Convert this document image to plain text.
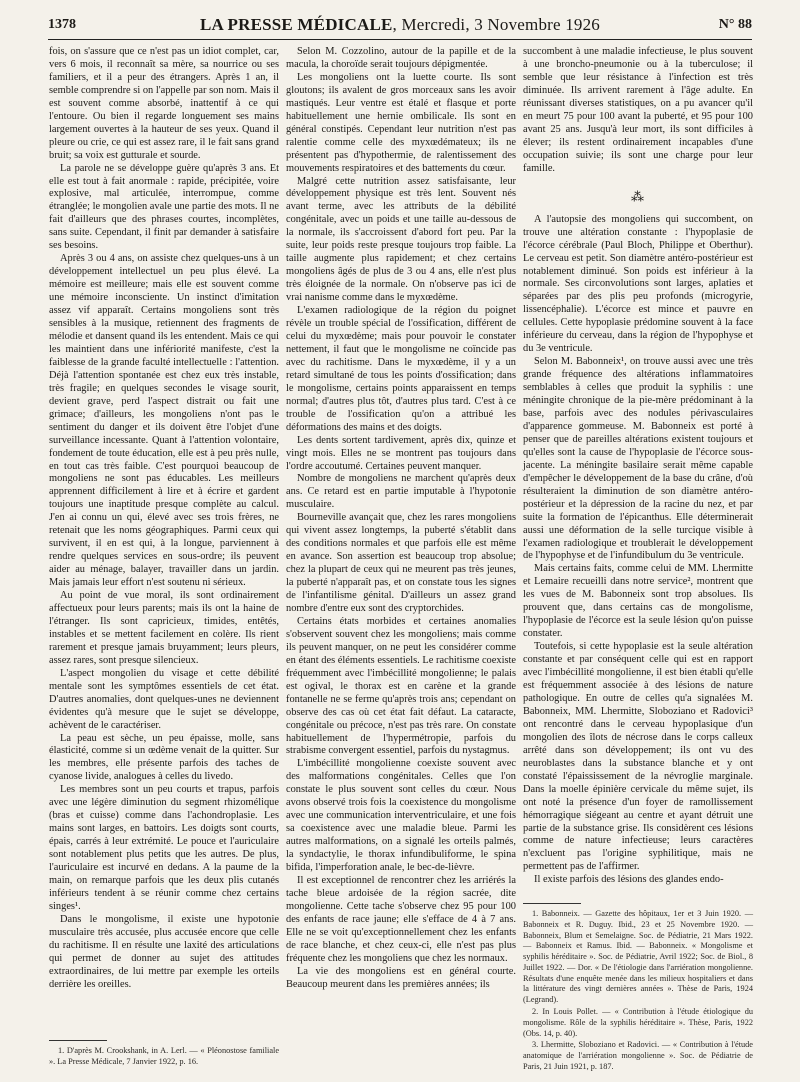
1378	LA PRESSE MÉDICALE, Mercredi, 3 Novembre 1926	N° 88

fois, on s'assure que ce n'est pas un idiot complet, car, vers 6 mois, il reconnaît sa mère, sa nourrice ou ses familiers, et il a peur des étrangers. Après 1 an, il semble comprendre si on l'appelle par son nom. Mais il est souvent comme absorbé, inattentif à ce qui l'entoure. Ou bien il regarde longuement ses mains largement ouvertes à la hauteur de ses yeux. Quand il pleure ou crie, ce qui est assez rare, il le fait sans grand bruit; sa voix est gutturale et sourde.

La parole ne se développe guère qu'après 3 ans. Et elle est tout à fait anormale : rapide, précipitée, voire explosive, mal articulée, interrompue, comme étranglée; le mongolien avale une partie des mots. Il ne fait d'ailleurs que des phrases courtes, incomplètes, sans suite. Cependant, il finit par demander à satisfaire ses besoins.

Après 3 ou 4 ans, on assiste chez quelques-uns à un développement intellectuel un peu plus élevé. La mémoire est meilleure; mais elle est souvent comme une mémoire inconsciente. Un instinct d'imitation assez vif apparaît. Certains mongoliens sont très sensibles à la musique, retiennent des fragments de mélodie et dansent quand ils les entendent. Mais ce qui les maintient dans une infériorité manifeste, c'est la faiblesse de la grande faculté intellectuelle : l'attention. Déjà l'attention spontanée est chez eux très instable, très fragile; en quelques secondes le visage sourit, devient grave, perd l'aspect distrait ou fait une grimace; d'ailleurs, les mongoliens n'ont pas le sentiment du danger et ils doivent être l'objet d'une surveillance incessante. Quant à l'attention volontaire, fondement de toute éducation, elle est à peu près nulle, en tout cas très faible. C'est pourquoi beaucoup de mongoliens ne sont pas éducables. Les meilleurs apprennent difficilement à lire et à écrire et gardent toujours une inaptitude presque complète au calcul. J'en ai connu un qui, élevé avec ses trois frères, ne retenait que les noms géographiques. Parmi ceux qui survivent, il en est qui, à la longue, parviennent à rendre quelques services en sous-ordre; ils peuvent aider au ménage, balayer, travailler dans un jardin. Mais jamais leur effort n'est soutenu ni sérieux.

Au point de vue moral, ils sont ordinairement affectueux pour leurs parents; mais ils ont la haine de l'étranger. Ils sont capricieux, timides, entêtés, instables et se mettent facilement en colère. Ils rient rarement et presque jamais bruyamment; leurs pleurs, assez rares, sont presque silencieux.

L'aspect mongolien du visage et cette débilité mentale sont les symptômes essentiels de cet état. D'autres anomalies, dont quelques-unes ne deviennent évidentes qu'à mesure que le sujet se développe, achèvent de le caractériser.

La peau est sèche, un peu épaisse, molle, sans élasticité, comme si un œdème venait de la quitter. Sur les membres, elle présente parfois des taches de cyanose livide, analogues à celles du livedo.

Les membres sont un peu courts et trapus, parfois avec une légère diminution du segment rhizomélique (bras et cuisse) comme dans l'achondroplasie. Les mains sont larges, en battoirs. Les doigts sont courts, épais, carrés à leur extrémité. Le pouce et l'auriculaire sont notablement plus petits que les autres. De plus, l'auriculaire est incurvé en dedans. A la paume de la main, on remarque parfois que les deux plis cutanés inférieurs tendent à se réunir comme chez certains singes¹.

Dans le mongolisme, il existe une hypotonie musculaire très accusée, plus accusée encore que celle du rachitisme. Il en résulte une laxité des articulations qui permet de donner au sujet des attitudes extraordinaires, de lui mettre par exemple les orteils derrière les oreilles.

Selon M. Cozzolino, autour de la papille et de la macula, la choroïde serait toujours dépigmentée.

Les mongoliens ont la luette courte. Ils sont gloutons; ils avalent de gros morceaux sans les avoir mastiqués. Leur ventre est étalé et flasque et porte habituellement une hernie ombilicale. Ils sont en général constipés. Cependant leur nutrition n'est pas ralentie comme celle des myxœdémateux; ils ne présentent pas d'hypothermie, de ralentissement des mouvements respiratoires et des battements du cœur.

Malgré cette nutrition assez satisfaisante, leur développement physique est très lent. Souvent nés avant terme, avec les attributs de la débilité congénitale, avec un poids et une taille au-dessous de la normale, ils s'accroissent d'abord fort peu. Par la suite, leur poids reste presque toujours trop faible. La taille augmente plus rapidement; et chez certains mongoliens âgés de plus de 3 ou 4 ans, elle n'est plus très éloignée de la normale. On n'observe pas ici de vrai nanisme comme dans le myxœdème.

L'examen radiologique de la région du poignet révèle un trouble spécial de l'ossification, différent de celui du myxœdème; mais pour pouvoir le constater nettement, il faut que le mongolisme ne coïncide pas avec du rachitisme. Dans le myxœdème, il y a un retard simultané de tous les points d'ossification; dans le mongolisme, certains points apparaissent en temps normal; d'autres plus tôt, d'autres plus tard. C'est à ce trouble de l'ossification qu'on a attribué les déformations des mains et des doigts.

Les dents sortent tardivement, après dix, quinze et vingt mois. Elles ne se montrent pas toujours dans l'ordre accoutumé. Certaines peuvent manquer.

Nombre de mongoliens ne marchent qu'après deux ans. Ce retard est en partie imputable à l'hypotonie musculaire.

Bourneville avançait que, chez les rares mongoliens qui vivent assez longtemps, la puberté s'établit dans des conditions normales et que parfois elle est même en avance. Son assertion est beaucoup trop absolue; chez la plupart de ceux qui ne meurent pas très jeunes, la puberté n'apparaît pas, et on constate tous les signes de l'infantilisme génital. D'ailleurs un assez grand nombre d'entre eux sont des cryptorchides.

Certains états morbides et certaines anomalies s'observent souvent chez les mongoliens; mais comme ils peuvent manquer, on ne peut les considérer comme en étant des éléments essentiels. Le rachitisme coexiste fréquemment avec l'imbécillité mongolienne; le palais est ogival, le thorax est en carène et la grande fontanelle ne se ferme qu'après trois ans; cependant on observe des cas où cet état fait défaut. La cataracte, congénitale ou précoce, n'est pas très rare. On constate habituellement de l'hypermétropie, parfois du strabisme convergent essentiel, parfois du nystagmus.

L'imbécillité mongolienne coexiste souvent avec des malformations congénitales. Celles que l'on constate le plus souvent sont celles du cœur. Nous avons observé trois fois la coexistence du mongolisme avec une communication interventriculaire, et une fois sa coexistence avec une maladie bleue. Parmi les autres malformations, on a signalé les orteils palmés, la syndactylie, le thorax infundibuliforme, le spina bifida, l'imperforation anale, le bec-de-lièvre.

Il est exceptionnel de rencontrer chez les arriérés la tache bleue ardoisée de la région sacrée, dite mongolienne. Cette tache s'observe chez 95 pour 100 des enfants de race jaune; elle s'efface de 4 à 7 ans. Elle ne se voit qu'exceptionnellement chez les enfants de race blanche, et chez ceux-ci, elle n'est pas plus fréquente chez les mongoliens que chez les normaux.

La vie des mongoliens est en général courte. Beaucoup meurent dans les premières années; ils

succombent à une maladie infectieuse, le plus souvent à une broncho-pneumonie ou à la tuberculose; il semble que leur résistance à l'infection est très diminuée. Ils arrivent rarement à l'âge adulte. En réunissant diverses statistiques, on a pu avancer qu'il en meurt 75 pour 100 avant la puberté, et 95 pour 100 avant 25 ans. Jusqu'à leur mort, ils sont difficiles à élever; ils restent ordinairement incapables d'une occupation suivie; ils sont une charge pour leur famille.

⁂

A l'autopsie des mongoliens qui succombent, on trouve une altération constante : l'hypoplasie de l'écorce cérébrale (Paul Bloch, Philippe et Oberthur). Le cerveau est petit. Son diamètre antéro-postérieur est notablement diminué. Son poids est inférieur à la normale. Ses circonvolutions sont larges, aplaties et séparées par des plis peu profonds (microgyrie, lissencéphalie). L'écorce est mince et pauvre en cellules. Cette hypoplasie prédomine souvent à la face inférieure du cerveau, dans la région de l'hypophyse et du 3e ventricule.

Selon M. Babonneix¹, on trouve aussi avec une très grande fréquence des altérations inflammatoires semblables à celles que produit la syphilis : une méningite chronique de la pie-mère prédominant à la base, parfois avec des nodules périvasculaires d'apparence gommeuse. M. Babonneix est porté à penser que de pareilles altérations existent toujours et qu'elles sont la cause de l'hypoplasie de l'écorce sous-jacente. La méningite basilaire serait même capable d'empêcher le développement de la base du crâne, d'où résulteraient la diminution de son diamètre antéro-postérieur et la dépression de la racine du nez, et par suite la formation de l'épicanthus. Elle déterminerait aussi une déformation de la selle turcique visible à l'examen radiologique et troublerait le développement de l'hypophyse et de l'infundibulum du 3e ventricule.

Mais certains faits, comme celui de MM. Lhermitte et Lemaire recueilli dans notre service², montrent que les vues de M. Babonneix sont trop absolues. Ils prouvent que, dans certains cas de mongolisme, l'hypoplasie de l'écorce est la seule lésion qu'on puisse constater.

Toutefois, si cette hypoplasie est la seule altération constante et par conséquent celle qui est en rapport avec l'imbécillité mongolienne, il est bien établi qu'elle est fréquemment associée à des lésions de nature pathologique. En outre de celles qu'a signalées M. Babonneix, MM. Lhermitte, Sloboziano et Radovici³ ont rencontré dans le cerveau hypoplasique d'un mongolien des îlots de nécrose dans le corps calleux arrêté dans son développement; ils ont vu des neuroblastes dans la substance blanche et y ont constaté l'épaississement de la névroglie marginale. Dans la moelle épinière cervicale du même sujet, ils ont noté la présence d'un foyer de ramollissement hémorragique siégeant au centre et ayant détruit une partie de la substance grise. Ils considèrent ces lésions comme de nature infectieuse; leurs caractères n'excluent pas l'origine syphilitique, mais ne permettent pas de l'affirmer.

Il existe parfois des lésions des glandes endo-

1. D'après M. Crookshank, in A. Lerl. — « Pléonostose familiale ». La Presse Médicale, 7 Janvier 1922, p. 16.

1. Babonneix. — Gazette des hôpitaux, 1er et 3 Juin 1920. — Babonneix et R. Duguy. Ibid., 23 et 25 Novembre 1920. — Babonneix, Blum et Semelaigne. Soc. de Pédiatrie, 21 Mars 1922. — Babonneix et Ramus. Ibid. — Babonneix. « Mongolisme et syphilis héréditaire ». Soc. de Pédiatrie, Avril 1922; Soc. de Biol., 8 Juillet 1922. — Dor. « De l'étiologie dans l'arriération mongolienne. Résultats d'une enquête menée dans les milieux hospitaliers et dans la littérature des vingt dernières années ». Thèse de Paris, 1924 (Legrand).

2. In Louis Pollet. — « Contribution à l'étude étiologique du mongolisme. Rôle de la syphilis héréditaire ». Thèse, Paris, 1922 (Obs. 14, p. 40).

3. Lhermitte, Sloboziano et Radovici. — « Contribution à l'étude anatomique de l'arriération mongolienne ». Soc. de Pédiatrie de Paris, 21 Juin 1921, p. 187.
